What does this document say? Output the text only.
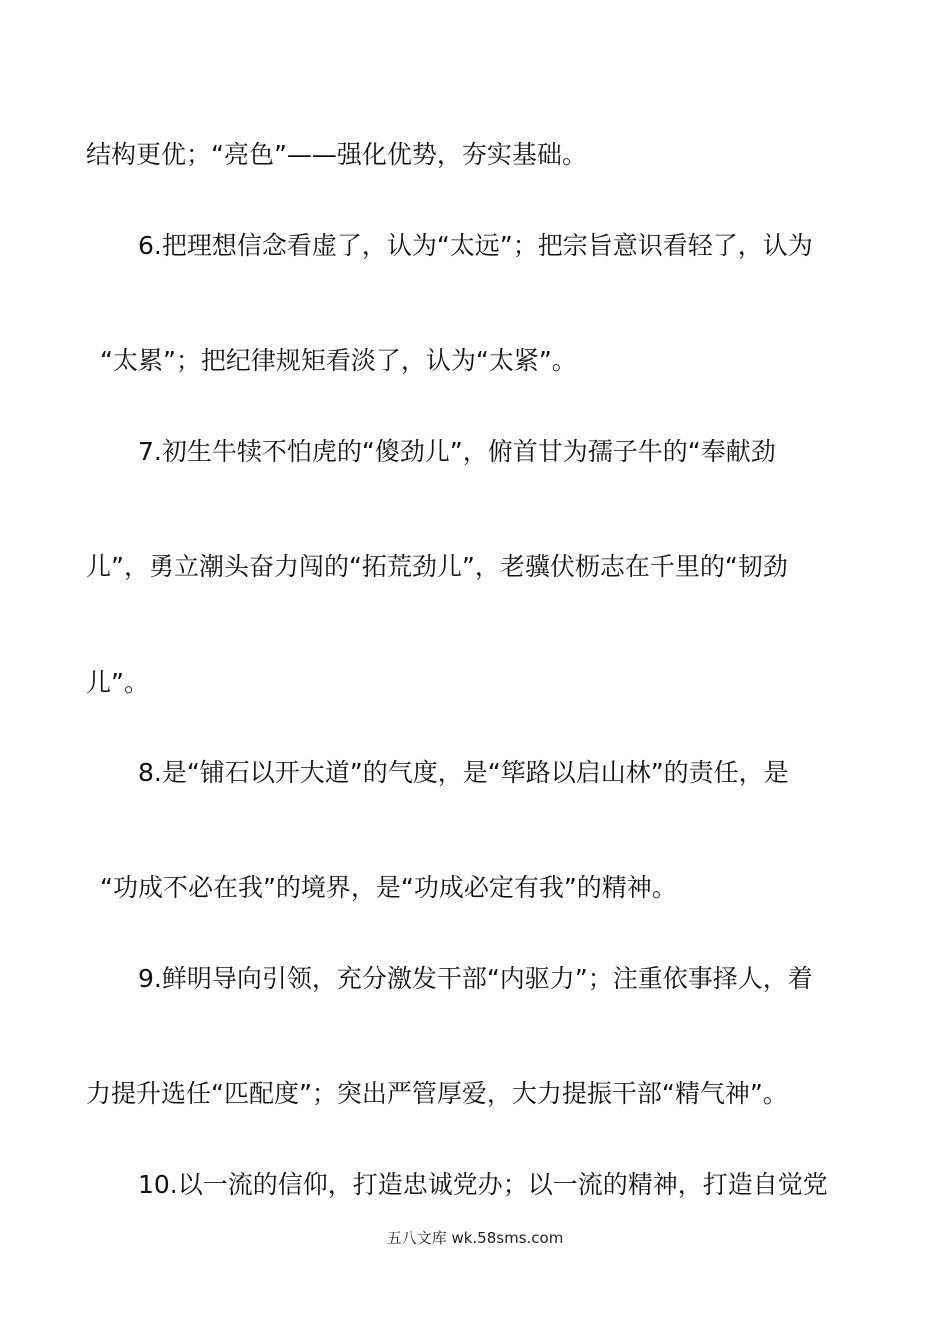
结构更优；“亮色”——强化优势，夯实基础。
6.把理想信念看虚了，认为“太远”；把宗旨意识看轻了，认为
“太累”；把纪律规矩看淡了，认为“太紧”。
7.初生牛犊不怕虎的“傻劲儿”，俯首甘为孺子牛的“奉献劲
儿”，勇立潮头奋力闯的“拓荒劲儿”，老骥伏枥志在千里的“韧劲
儿”。
8.是“铺石以开大道”的气度，是“筚路以启山林”的责任，是
“功成不必在我”的境界，是“功成必定有我”的精神。
9.鲜明导向引领，充分激发干部“内驱力”；注重依事择人，着
力提升选任“匹配度”；突出严管厚爱，大力提振干部“精气神”。
10.以一流的信仰，打造忠诚党办；以一流的精神，打造自觉党
五八文库 wk.58sms.com
